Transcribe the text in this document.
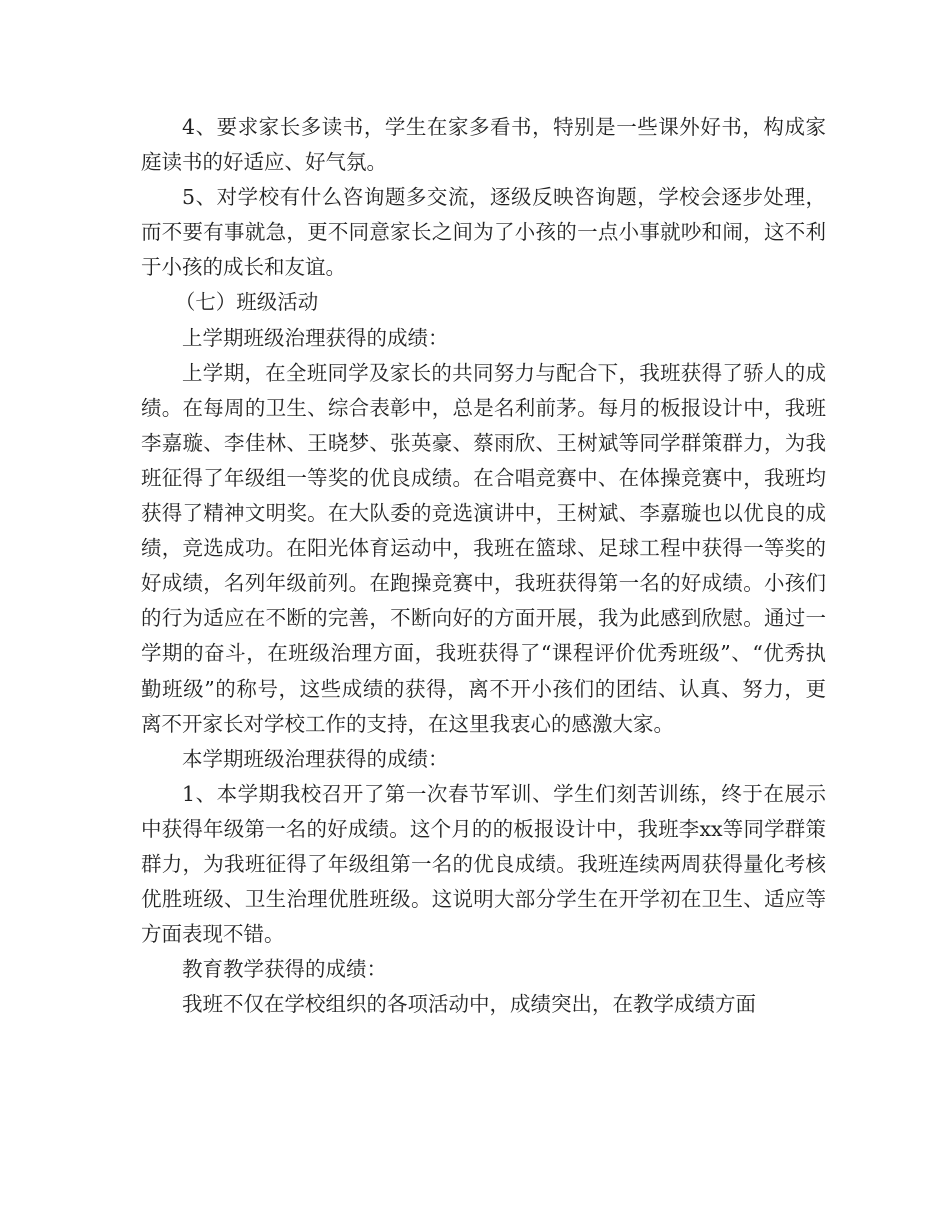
4、要求家长多读书，学生在家多看书，特别是一些课外好书，构成家庭读书的好适应、好气氛。

5、对学校有什么咨询题多交流，逐级反映咨询题，学校会逐步处理，而不要有事就急，更不同意家长之间为了小孩的一点小事就吵和闹，这不利于小孩的成长和友谊。

（七）班级活动

上学期班级治理获得的成绩：

上学期，在全班同学及家长的共同努力与配合下，我班获得了骄人的成绩。在每周的卫生、综合表彰中，总是名利前茅。每月的板报设计中，我班李嘉璇、李佳林、王晓梦、张英豪、蔡雨欣、王树斌等同学群策群力，为我班征得了年级组一等奖的优良成绩。在合唱竞赛中、在体操竞赛中，我班均获得了精神文明奖。在大队委的竞选演讲中，王树斌、李嘉璇也以优良的成绩，竞选成功。在阳光体育运动中，我班在篮球、足球工程中获得一等奖的好成绩，名列年级前列。在跑操竞赛中，我班获得第一名的好成绩。小孩们的行为适应在不断的完善，不断向好的方面开展，我为此感到欣慰。通过一学期的奋斗，在班级治理方面，我班获得了“课程评价优秀班级”、“优秀执勤班级”的称号，这些成绩的获得，离不开小孩们的团结、认真、努力，更离不开家长对学校工作的支持，在这里我衷心的感激大家。

本学期班级治理获得的成绩：

1、本学期我校召开了第一次春节军训、学生们刻苦训练，终于在展示中获得年级第一名的好成绩。这个月的的板报设计中，我班李xx等同学群策群力，为我班征得了年级组第一名的优良成绩。我班连续两周获得量化考核优胜班级、卫生治理优胜班级。这说明大部分学生在开学初在卫生、适应等方面表现不错。

教育教学获得的成绩：

我班不仅在学校组织的各项活动中，成绩突出，在教学成绩方面
